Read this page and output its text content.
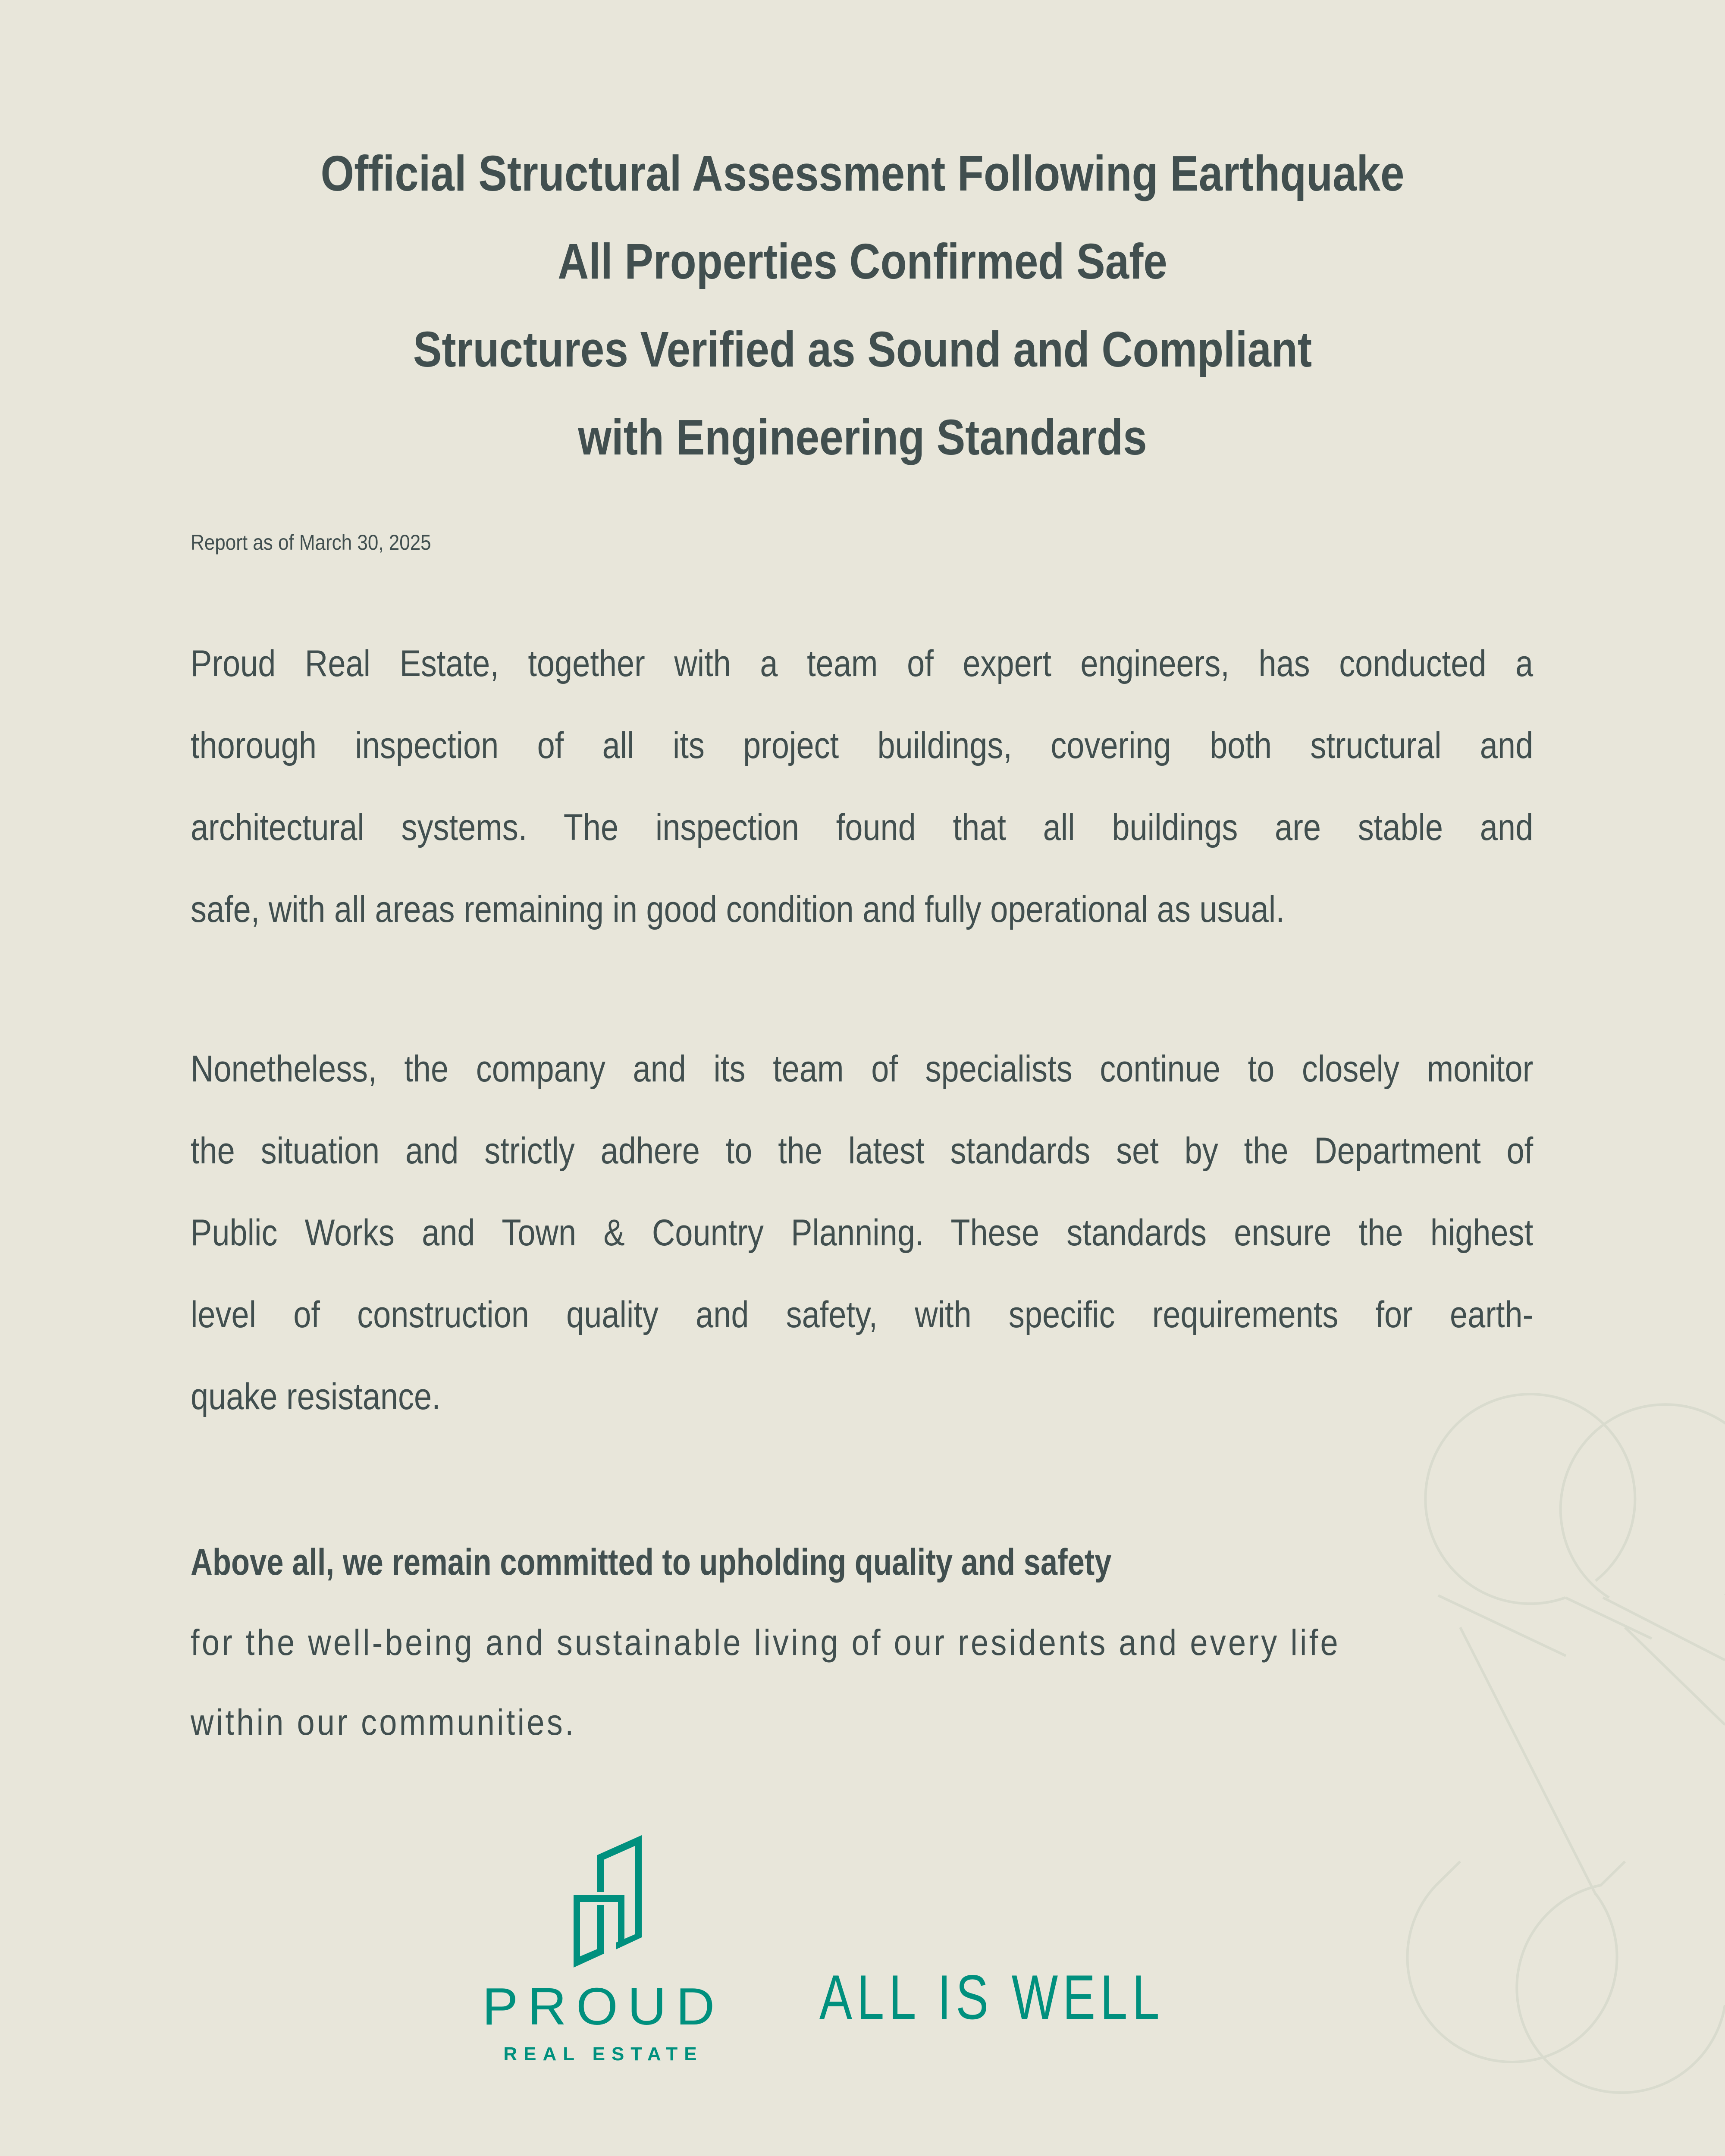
Official Structural Assessment Following Earthquake
All Properties Confirmed Safe
Structures Verified as Sound and Compliant
with Engineering Standards
Report as of March 30, 2025
Proud Real Estate, together with a team of expert engineers, has conducted a
thorough inspection of all its project buildings, covering both structural and
architectural systems. The inspection found that all buildings are stable and
safe, with all areas remaining in good condition and fully operational as usual.
Nonetheless, the company and its team of specialists continue to closely monitor
the situation and strictly adhere to the latest standards set by the Department of
Public Works and Town & Country Planning. These standards ensure the highest
level of construction quality and safety, with specific requirements for earth-
quake resistance.
Above all, we remain committed to upholding quality and safety
for the well-being and sustainable living of our residents and every life
within our communities.
PROUD
REAL ESTATE
ALL IS WELL
